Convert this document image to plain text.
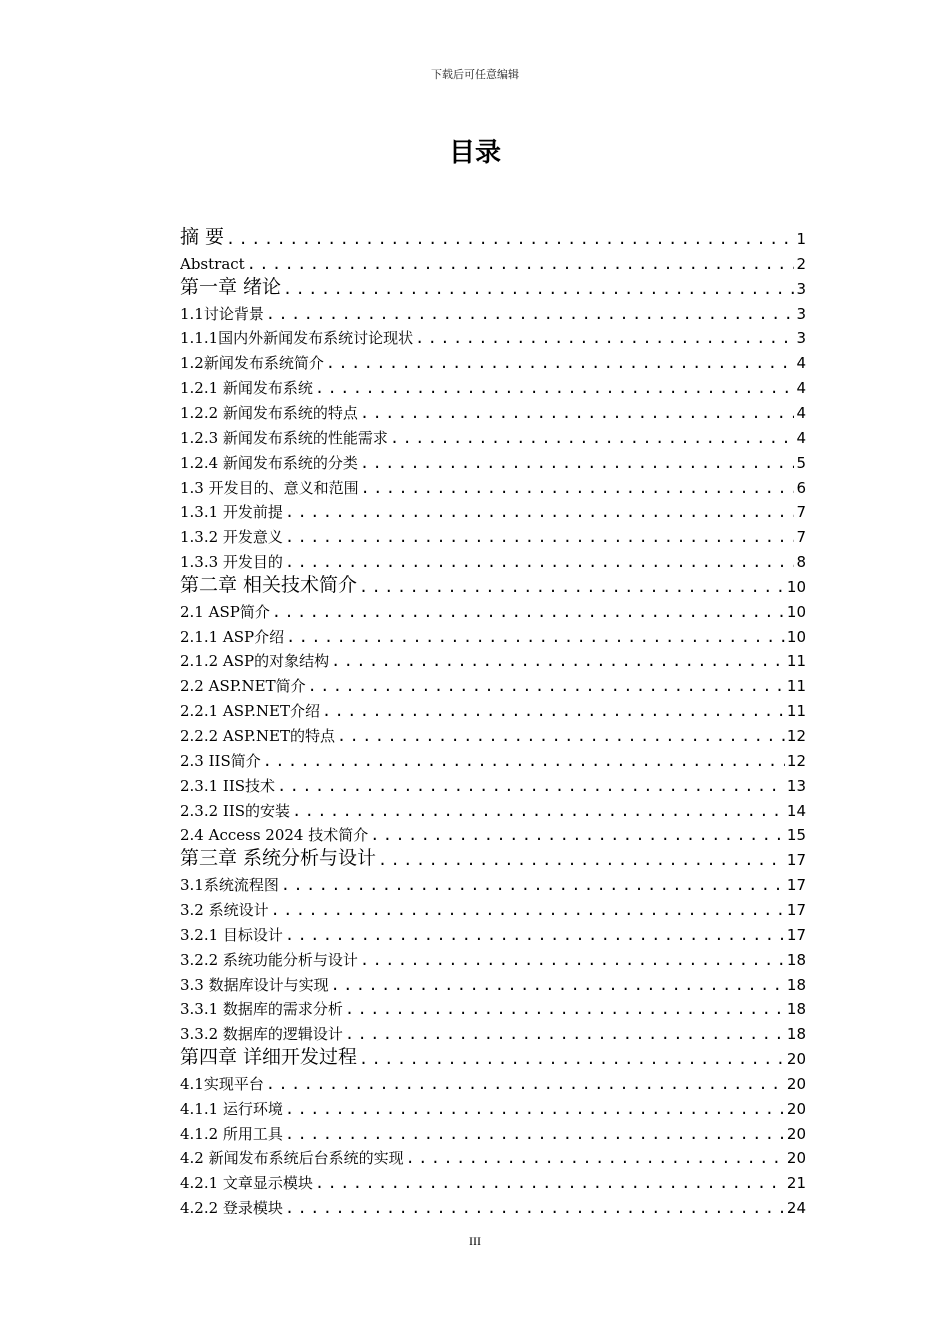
下载后可任意编辑
目录
摘 要 .....	1
Abstract .....	2
第一章 绪论 .....	3
1.1讨论背景 .....	3
1.1.1国内外新闻发布系统讨论现状 .....	3
1.2新闻发布系统简介 .....	4
1.2.1 新闻发布系统 .....	4
1.2.2 新闻发布系统的特点 .....	4
1.2.3 新闻发布系统的性能需求 .....	4
1.2.4 新闻发布系统的分类 .....	5
1.3 开发目的、意义和范围 .....	6
1.3.1 开发前提 .....	7
1.3.2 开发意义 .....	7
1.3.3 开发目的 .....	8
第二章 相关技术简介 .....	10
2.1 ASP简介 .....	10
2.1.1 ASP介绍 .....	10
2.1.2 ASP的对象结构 .....	11
2.2 ASP.NET简介 .....	11
2.2.1 ASP.NET介绍 .....	11
2.2.2 ASP.NET的特点 .....	12
2.3 IIS简介 .....	12
2.3.1 IIS技术 .....	13
2.3.2 IIS的安装 .....	14
2.4 Access 2024 技术简介 .....	15
第三章 系统分析与设计 .....	17
3.1系统流程图 .....	17
3.2 系统设计 .....	17
3.2.1 目标设计 .....	17
3.2.2 系统功能分析与设计 .....	18
3.3 数据库设计与实现 .....	18
3.3.1 数据库的需求分析 .....	18
3.3.2 数据库的逻辑设计 .....	18
第四章 详细开发过程 .....	20
4.1实现平台 .....	20
4.1.1 运行环境 .....	20
4.1.2 所用工具 .....	20
4.2 新闻发布系统后台系统的实现 .....	20
4.2.1 文章显示模块 .....	21
4.2.2 登录模块 .....	24
III
